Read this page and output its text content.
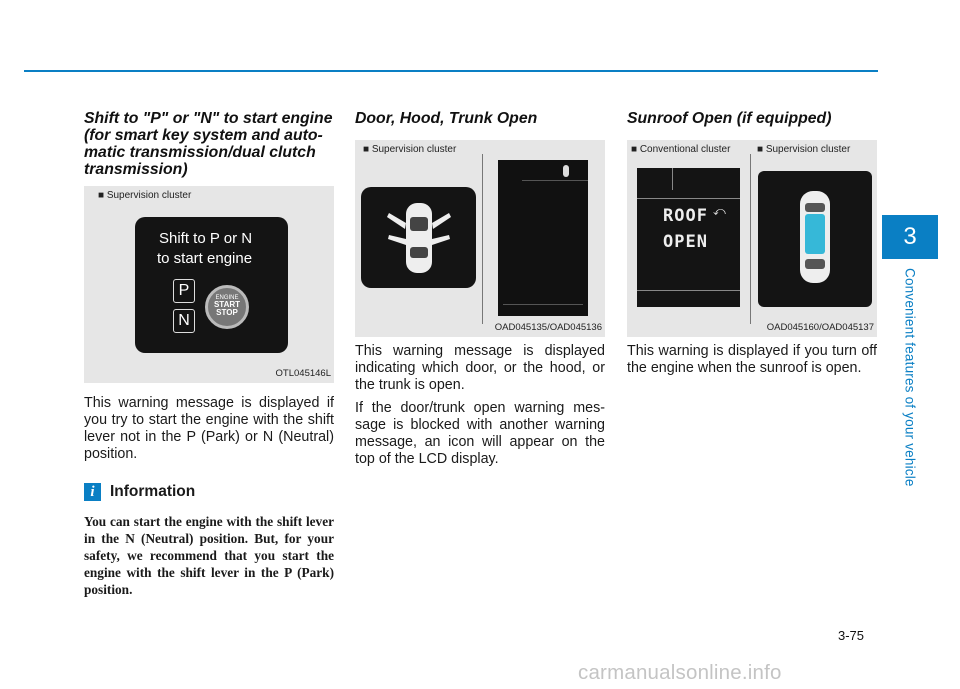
3
Convenient features of your vehicle
Shift to "P" or "N" to start engine (for smart key system and auto-matic transmission/dual clutch transmission)
■ Supervision cluster
Shift to P or N
to start engine
P
N
ENGINE
START
STOP
OTL045146L

This warning message is displayed if you try to start the engine with the shift lever not in the P (Park) or N (Neutral) position.

i Information
You can start the engine with the shift lever in the N (Neutral) position. But, for your safety, we recommend that you start the engine with the shift lever in the P (Park) position.
Door, Hood, Trunk Open
■ Supervision cluster
OAD045135/OAD045136

This warning message is displayed indicating which door, or the hood, or the trunk is open.

If the door/trunk open warning mes-sage is blocked with another warning message, an icon will appear on the top of the LCD display.

Sunroof Open (if equipped)
■ Conventional cluster	■ Supervision cluster
ROOF
OPEN
⤺
OAD045160/OAD045137

This warning is displayed if you turn off the engine when the sunroof is open.

3-75
carmanualsonline.info
